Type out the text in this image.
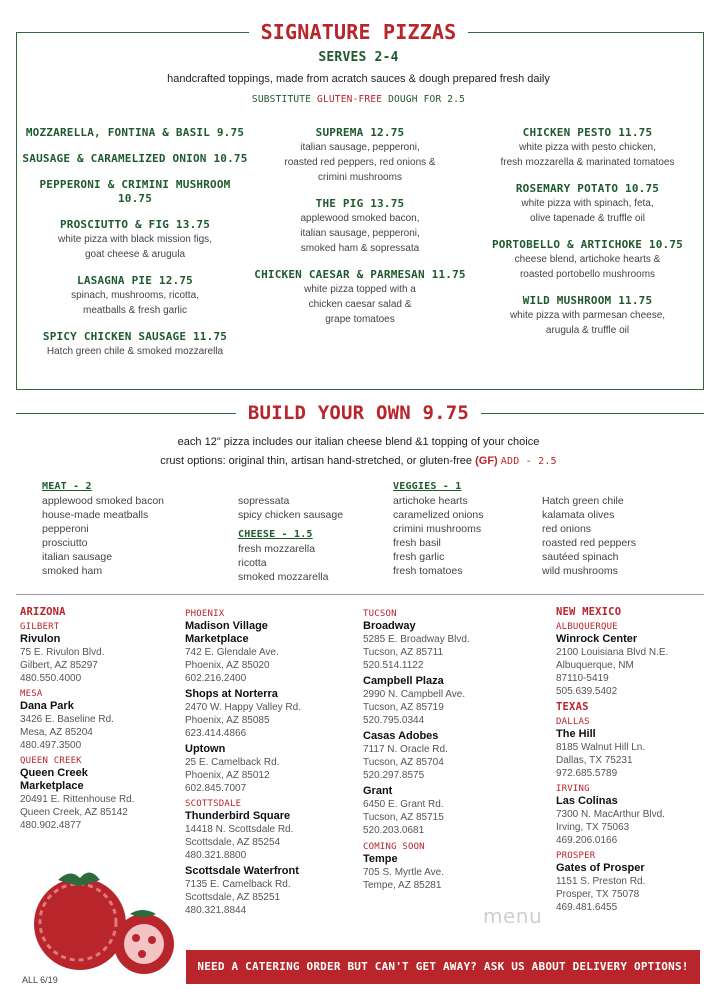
SIGNATURE PIZZAS
SERVES 2-4
handcrafted toppings, made from acratch sauces & dough prepared fresh daily
SUBSTITUTE GLUTEN-FREE DOUGH FOR 2.5
MOZZARELLA, FONTINA & BASIL 9.75
SAUSAGE & CARAMELIZED ONION 10.75
PEPPERONI & CRIMINI MUSHROOM 10.75
PROSCIUTTO & FIG 13.75
white pizza with black mission figs,
goat cheese & arugula
LASAGNA PIE 12.75
spinach, mushrooms, ricotta,
meatballs & fresh garlic
SPICY CHICKEN SAUSAGE 11.75
Hatch green chile & smoked mozzarella
SUPREMA 12.75
italian sausage, pepperoni,
roasted red peppers, red onions &
crimini mushrooms
THE PIG 13.75
applewood smoked bacon,
italian sausage, pepperoni,
smoked ham & sopressata
CHICKEN CAESAR & PARMESAN 11.75
white pizza topped with a
chicken caesar salad &
grape tomatoes
CHICKEN PESTO 11.75
white pizza with pesto chicken,
fresh mozzarella & marinated tomatoes
ROSEMARY POTATO 10.75
white pizza with spinach, feta,
olive tapenade & truffle oil
PORTOBELLO & ARTICHOKE 10.75
cheese blend, artichoke hearts &
roasted portobello mushrooms
WILD MUSHROOM 11.75
white pizza with parmesan cheese,
arugula & truffle oil
BUILD YOUR OWN 9.75
each 12" pizza includes our italian cheese blend &1 topping of your choice
crust options: original thin, artisan hand-stretched, or gluten-free (GF) ADD - 2.5
MEAT - 2
applewood smoked bacon
house-made meatballs
pepperoni
prosciutto
italian sausage
smoked ham
sopressata
spicy chicken sausage
CHEESE - 1.5
fresh mozzarella
ricotta
smoked mozzarella
VEGGIES - 1
artichoke hearts
caramelized onions
crimini mushrooms
fresh basil
fresh garlic
fresh tomatoes
Hatch green chile
kalamata olives
red onions
roasted red peppers
sautéed spinach
wild mushrooms
ARIZONA
GILBERT
Rivulon
75 E. Rivulon Blvd.
Gilbert, AZ 85297
480.550.4000
MESA
Dana Park
3426 E. Baseline Rd.
Mesa, AZ 85204
480.497.3500
QUEEN CREEK
Queen Creek
Marketplace
20491 E. Rittenhouse Rd.
Queen Creek, AZ 85142
480.902.4877
PHOENIX
Madison Village
Marketplace
742 E. Glendale Ave.
Phoenix, AZ 85020
602.216.2400
Shops at Norterra
2470 W. Happy Valley Rd.
Phoenix, AZ 85085
623.414.4866
Uptown
25 E. Camelback Rd.
Phoenix, AZ 85012
602.845.7007
SCOTTSDALE
Thunderbird Square
14418 N. Scottsdale Rd.
Scottsdale, AZ 85254
480.321.8800
Scottsdale Waterfront
7135 E. Camelback Rd.
Scottsdale, AZ 85251
480.321.8844
TUCSON
Broadway
5285 E. Broadway Blvd.
Tucson, AZ 85711
520.514.1122
Campbell Plaza
2990 N. Campbell Ave.
Tucson, AZ 85719
520.795.0344
Casas Adobes
7117 N. Oracle Rd.
Tucson, AZ 85704
520.297.8575
Grant
6450 E. Grant Rd.
Tucson, AZ 85715
520.203.0681
COMING SOON
Tempe
705 S. Myrtle Ave.
Tempe, AZ 85281
NEW MEXICO
ALBUQUERQUE
Winrock Center
2100 Louisiana Blvd N.E.
Albuquerque, NM
87110-5419
505.639.5402
TEXAS
DALLAS
The Hill
8185 Walnut Hill Ln.
Dallas, TX 75231
972.685.5789
IRVING
Las Colinas
7300 N. MacArthur Blvd.
Irving, TX 75063
469.206.0166
PROSPER
Gates of Prosper
1151 S. Preston Rd.
Prosper, TX 75078
469.481.6455
ALL 6/19
menu
NEED A CATERING ORDER BUT CAN'T GET AWAY? ASK US ABOUT DELIVERY OPTIONS!
